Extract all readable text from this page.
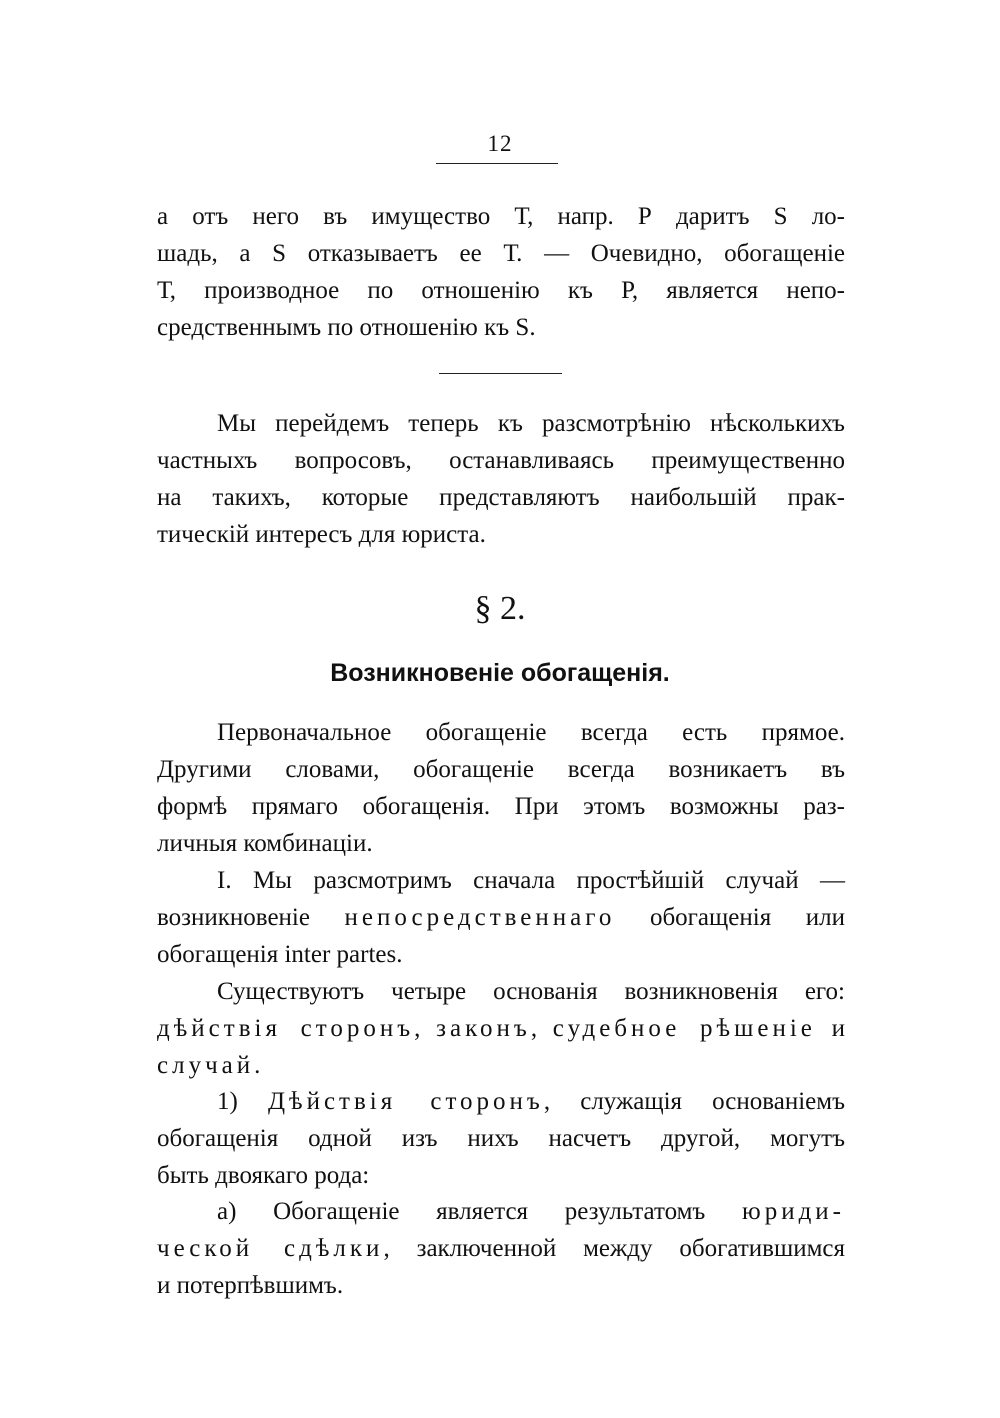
12
а отъ него въ имущество Т, напр. Р даритъ S ло-
шадь, а S отказываетъ ее Т. — Очевидно, обогащенiе
Т, производное по отношенiю къ Р, является непо-
средственнымъ по отношенiю къ S.
Мы перейдемъ теперь къ разсмотрѣнiю нѣсколькихъ
частныхъ вопросовъ, останавливаясь преимущественно
на такихъ, которые представляютъ наибольшiй прак-
тическiй интересъ для юриста.
§ 2.
Возникновенiе обогащенiя.
Первоначальное обогащенiе всегда есть прямое.
Другими словами, обогащенiе всегда возникаетъ въ
формѣ прямаго обогащенiя. При этомъ возможны раз-
личныя комбинацiи.
I. Мы разсмотримъ сначала простѣйшiй случай —
возникновенiе непосредственнаго обогащенiя или
обогащенiя inter partes.
Существуютъ четыре основанiя возникновенiя его:
дѣйствiя сторонъ, законъ, судебное рѣшенiе и
случай.
1) Дѣйствiя сторонъ, служащiя основанiемъ
обогащенiя одной изъ нихъ насчетъ другой, могутъ
быть двоякаго рода:
а) Обогащенiе является результатомъ юриди-
ческой сдѣлки, заключенной между обогатившимся
и потерпѣвшимъ.
